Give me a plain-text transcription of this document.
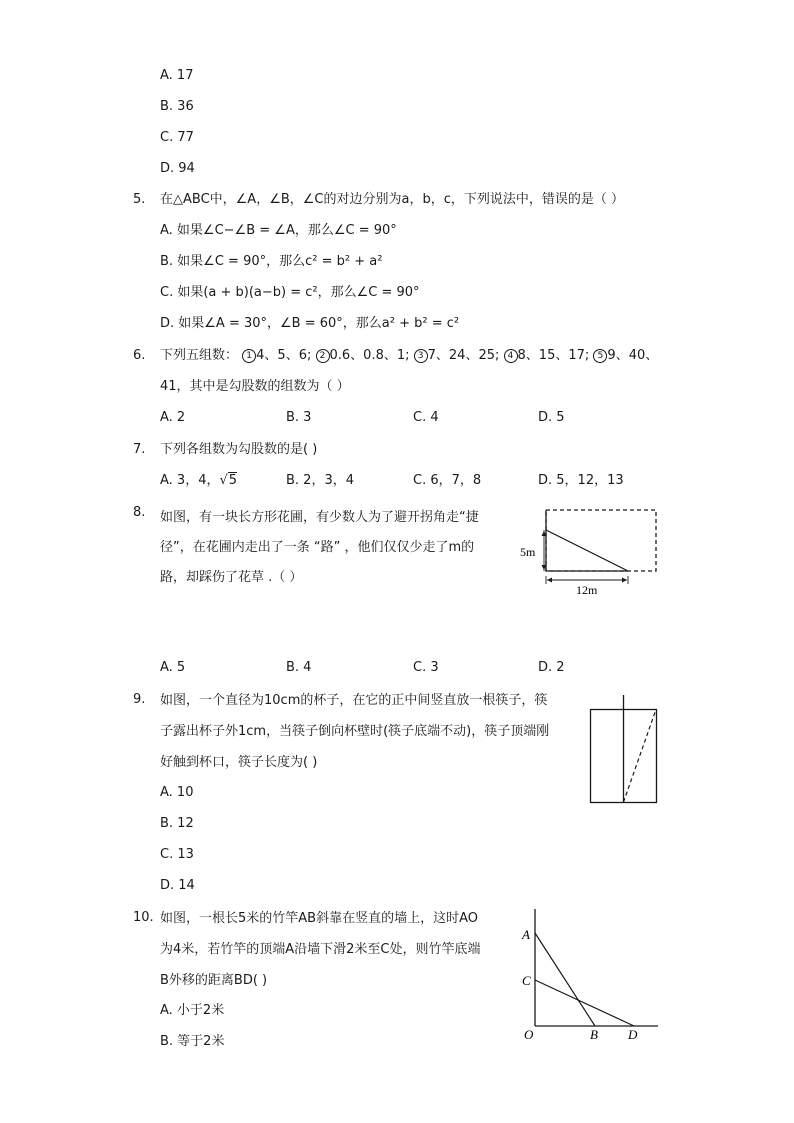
A. 17
B. 36
C. 77
D. 94
5. 在△ABC中，∠A，∠B，∠C的对边分别为a，b，c，下列说法中，错误的是（ ）
A. 如果∠C−∠B = ∠A，那么∠C = 90°
B. 如果∠C = 90°，那么c² = b² + a²
C. 如果(a + b)(a−b) = c²，那么∠C = 90°
D. 如果∠A = 30°，∠B = 60°，那么a² + b² = c²
6. 下列五组数： 1 4、5、6; 2 0.6、0.8、1; 3 7、24、25; 4 8、15、17; 5 9、40、
41，其中是勾股数的组数为（ ）
A. 2	B. 3	C. 4	D. 5
7. 下列各组数为勾股数的是( )
A. 3，4，√5	B. 2，3，4	C. 6，7，8	D. 5，12，13
8. 如图，有一块长方形花圃，有少数人为了避开拐角走“捷
径”，在花圃内走出了一条 “路” ，他们仅仅少走了m的
路，却踩伤了花草 .（ ）
5m
12m
A. 5	B. 4	C. 3	D. 2
9. 如图，一个直径为10cm的杯子，在它的正中间竖直放一根筷子，筷
子露出杯子外1cm，当筷子倒向杯壁时(筷子底端不动)，筷子顶端刚
好触到杯口，筷子长度为( )
A. 10
B. 12
C. 13
D. 14
10. 如图，一根长5米的竹竿AB斜靠在竖直的墙上，这时AO
为4米，若竹竿的顶端A沿墙下滑2米至C处，则竹竿底端
B外移的距离BD( )
A
C
O	B D
A. 小于2米
B. 等于2米
